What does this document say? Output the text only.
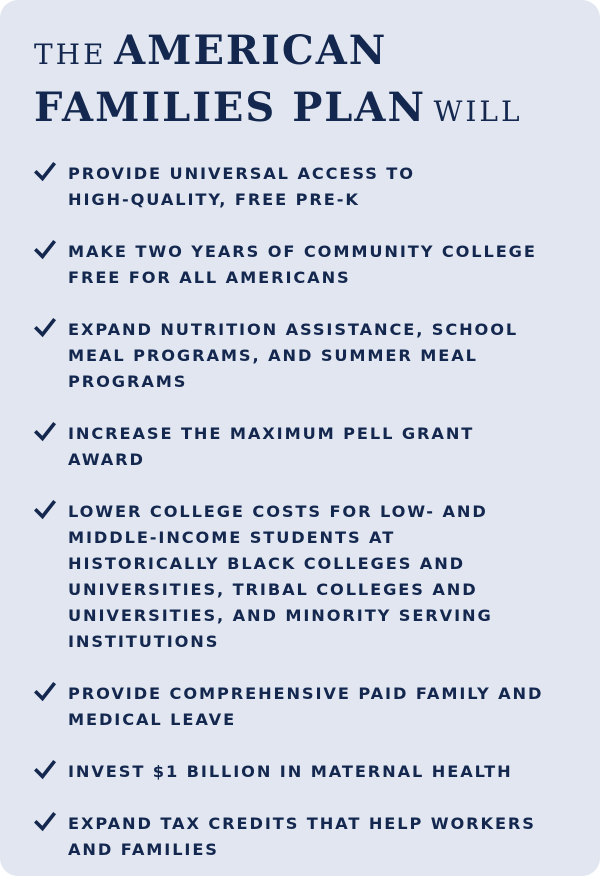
THE AMERICAN
FAMILIES PLAN WILL
PROVIDE UNIVERSAL ACCESS TO
HIGH-QUALITY, FREE PRE-K
MAKE TWO YEARS OF COMMUNITY COLLEGE
FREE FOR ALL AMERICANS
EXPAND NUTRITION ASSISTANCE, SCHOOL
MEAL PROGRAMS, AND SUMMER MEAL
PROGRAMS
INCREASE THE MAXIMUM PELL GRANT
AWARD
LOWER COLLEGE COSTS FOR LOW- AND
MIDDLE-INCOME STUDENTS AT
HISTORICALLY BLACK COLLEGES AND
UNIVERSITIES, TRIBAL COLLEGES AND
UNIVERSITIES, AND MINORITY SERVING
INSTITUTIONS
PROVIDE COMPREHENSIVE PAID FAMILY AND
MEDICAL LEAVE
INVEST $1 BILLION IN MATERNAL HEALTH
EXPAND TAX CREDITS THAT HELP WORKERS
AND FAMILIES
